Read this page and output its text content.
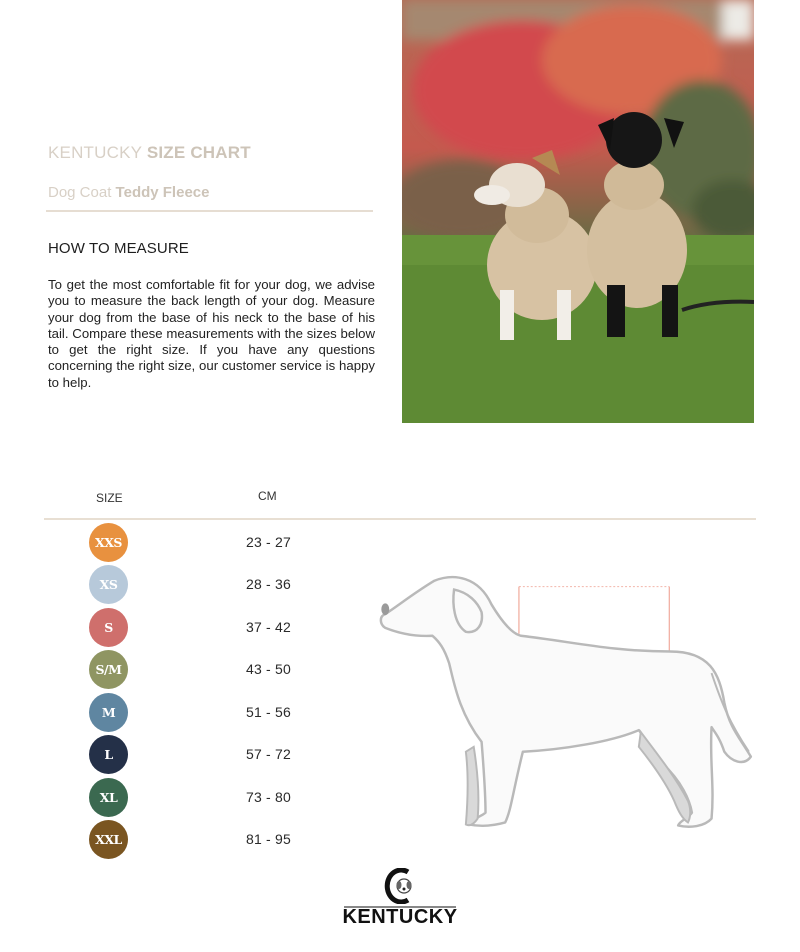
KENTUCKY SIZE CHART
Dog Coat Teddy Fleece
HOW TO MEASURE
To get the most comfortable fit for your dog, we advise you to measure the back length of your dog. Measure your dog from the base of his neck to the base of his tail. Compare these measurements with the sizes below to get the right size. If you have any questions concerning the right size, our customer service is happy to help.
SIZE	CM
XXS	23 - 27
XS	28 - 36
S	37 - 42
S/M	43 - 50
M	51 - 56
L	57 - 72
XL	73 - 80
XXL	81 - 95
KENTUCKY
